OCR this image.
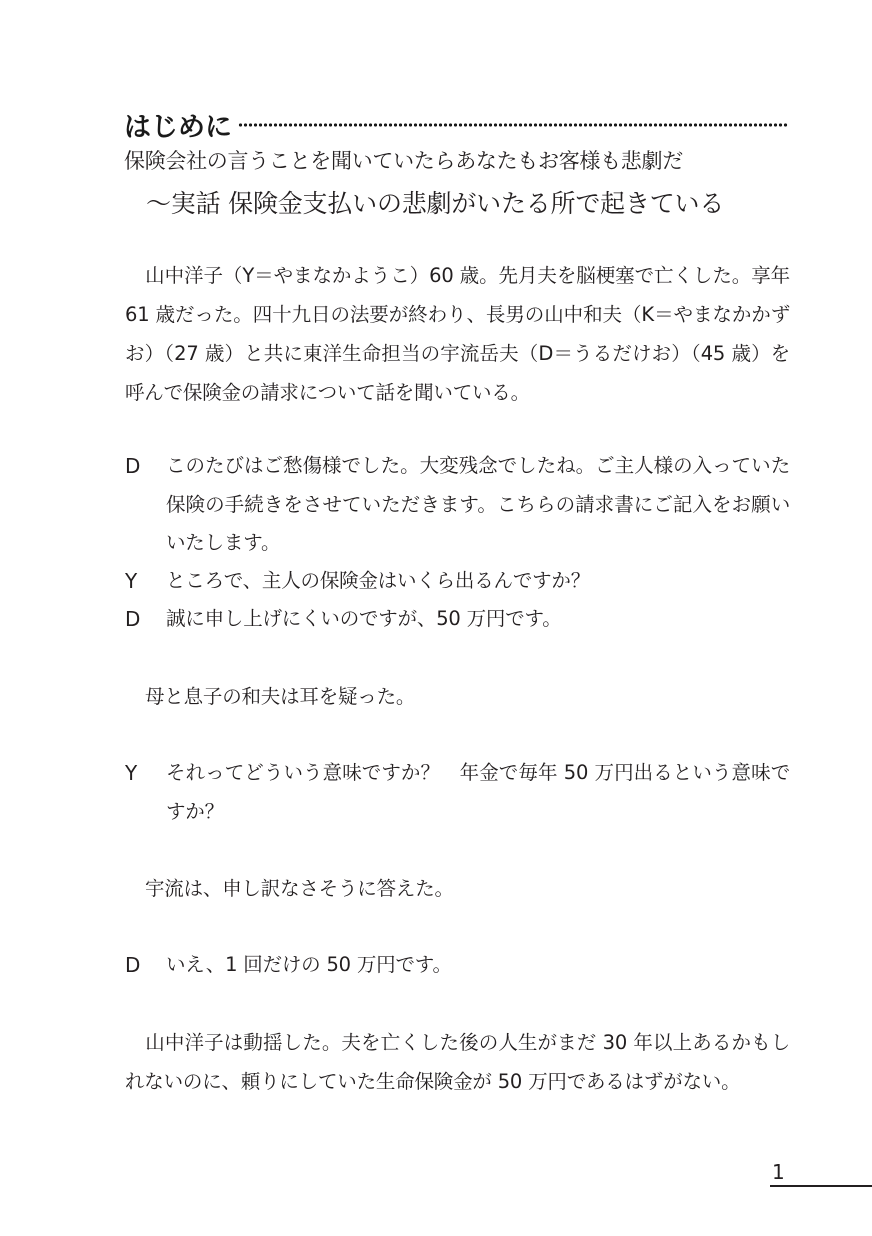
はじめに
保険会社の言うことを聞いていたらあなたもお客様も悲劇だ
～実話 保険金支払いの悲劇がいたる所で起きている
山中洋子（Y＝やまなかようこ）60 歳。先月夫を脳梗塞で亡くした。享年 61 歳だった。四十九日の法要が終わり、長男の山中和夫（K＝やまなかかずお）（27 歳）と共に東洋生命担当の宇流岳夫（D＝うるだけお）（45 歳）を呼んで保険金の請求について話を聞いている。
D	このたびはご愁傷様でした。大変残念でしたね。ご主人様の入っていた保険の手続きをさせていただきます。こちらの請求書にご記入をお願いいたします。
Y	ところで、主人の保険金はいくら出るんですか？
D	誠に申し上げにくいのですが、50 万円です。
母と息子の和夫は耳を疑った。
Y	それってどういう意味ですか？　年金で毎年 50 万円出るという意味ですか？
宇流は、申し訳なさそうに答えた。
D	いえ、1 回だけの 50 万円です。
山中洋子は動揺した。夫を亡くした後の人生がまだ 30 年以上あるかもしれないのに、頼りにしていた生命保険金が 50 万円であるはずがない。
1
